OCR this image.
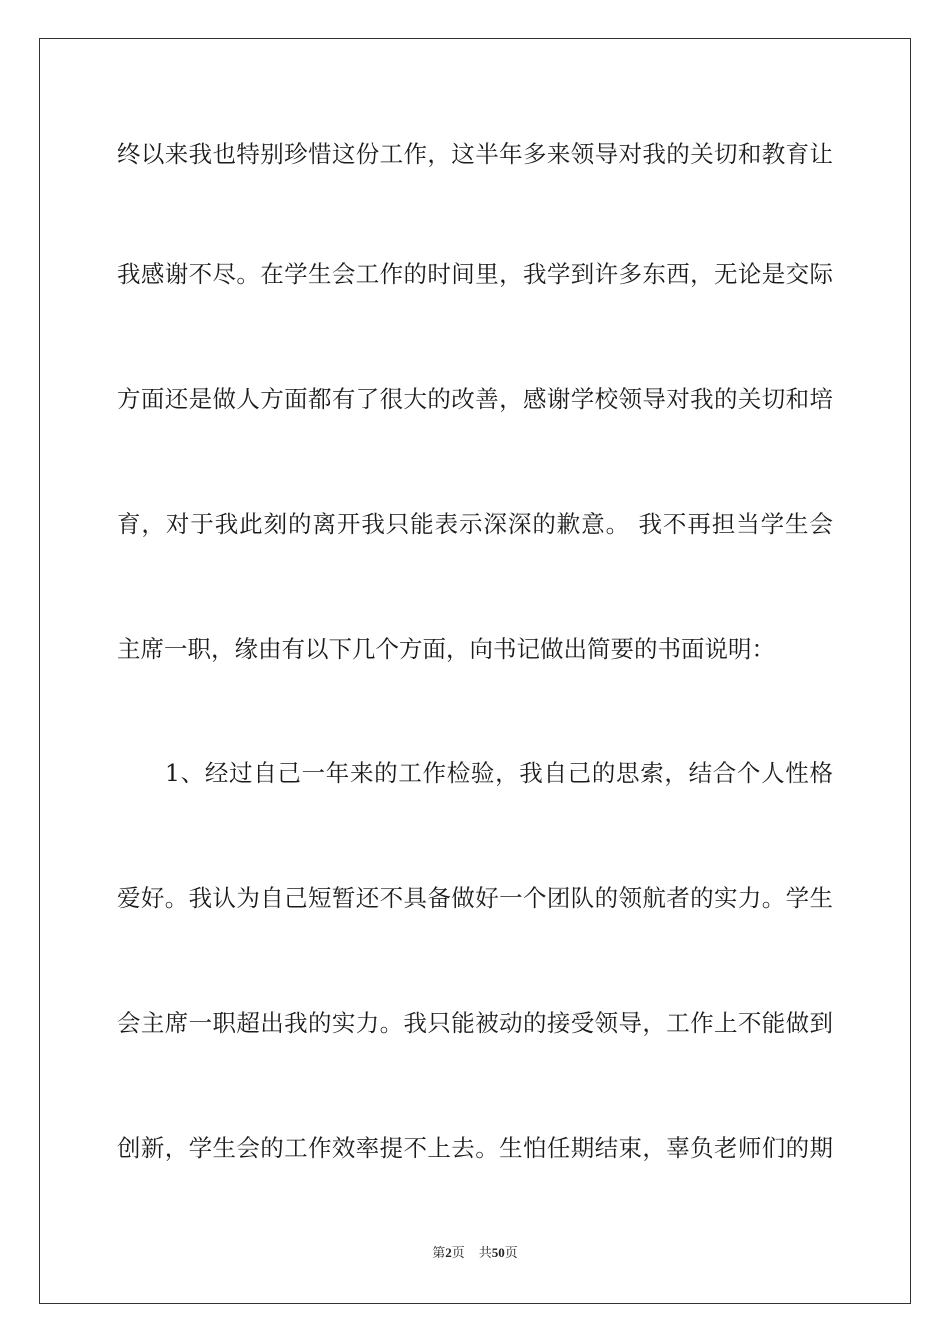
终以来我也特别珍惜这份工作，这半年多来领导对我的关切和教育让
我感谢不尽。在学生会工作的时间里，我学到许多东西，无论是交际
方面还是做人方面都有了很大的改善，感谢学校领导对我的关切和培
育，对于我此刻的离开我只能表示深深的歉意。 我不再担当学生会
主席一职，缘由有以下几个方面，向书记做出简要的书面说明：
1、经过自己一年来的工作检验，我自己的思索，结合个人性格
爱好。我认为自己短暂还不具备做好一个团队的领航者的实力。学生
会主席一职超出我的实力。我只能被动的接受领导，工作上不能做到
创新，学生会的工作效率提不上去。生怕任期结束，辜负老师们的期
第2页 共50页
